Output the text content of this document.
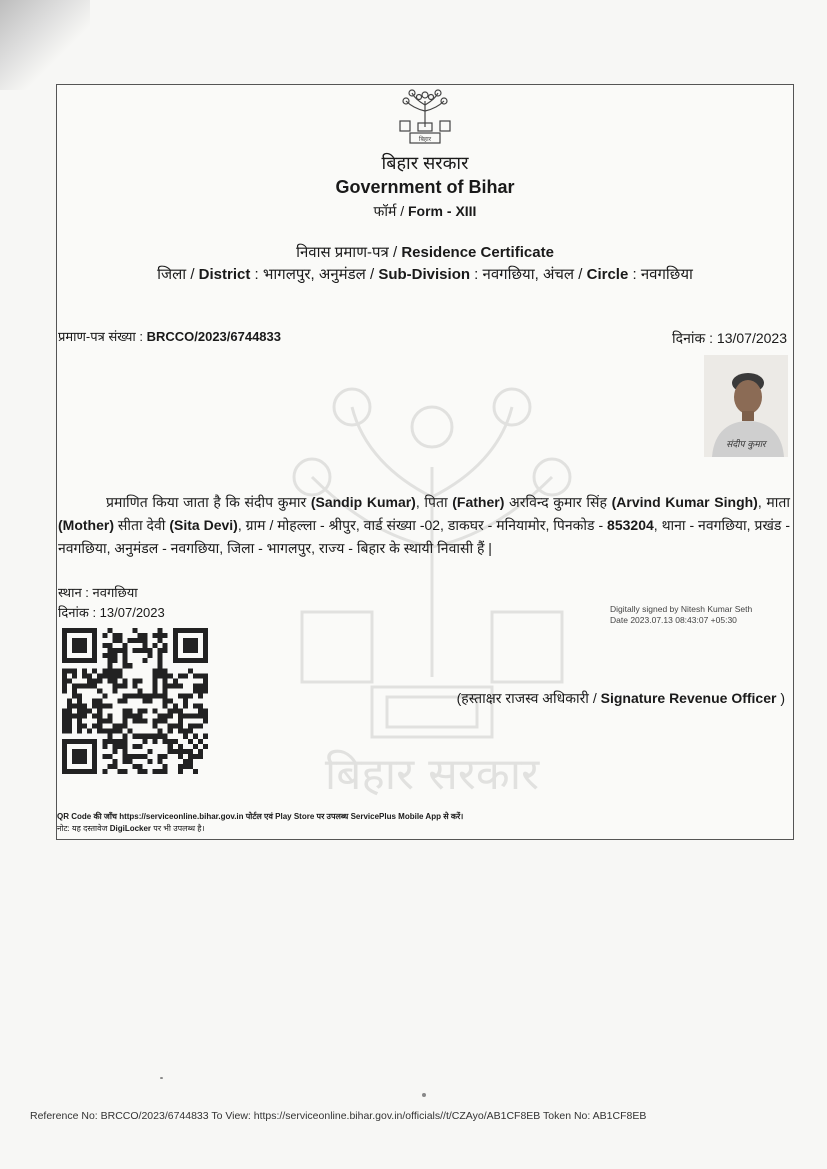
बिहार
बिहार सरकार
Government of Bihar
फॉर्म / Form - XIII
निवास प्रमाण-पत्र / Residence Certificate
जिला / District : भागलपुर, अनुमंडल / Sub-Division : नवगछिया, अंचल / Circle : नवगछिया
प्रमाण-पत्र संख्या : BRCCO/2023/6744833	दिनांक : 13/07/2023
बिहार सरकार
संदीप कुमार
प्रमाणित किया जाता है कि संदीप कुमार (Sandip Kumar), पिता (Father) अरविन्द कुमार सिंह (Arvind Kumar Singh), माता (Mother) सीता देवी (Sita Devi), ग्राम / मोहल्ला - श्रीपुर, वार्ड संख्या -02, डाकघर - मनियामोर, पिनकोड - 853204, थाना - नवगछिया, प्रखंड - नवगछिया, अनुमंडल - नवगछिया, जिला - भागलपुर, राज्य - बिहार के स्थायी निवासी हैं |
स्थान : नवगछिया
दिनांक : 13/07/2023	Digitally signed by Nitesh Kumar Seth
Date 2023.07.13 08:43:07 +05:30
(हस्ताक्षर राजस्व अधिकारी / Signature Revenue Officer )
QR Code की जाँच https://serviceonline.bihar.gov.in पोर्टल एवं Play Store पर उपलब्ध ServicePlus Mobile App से करें।
नोट: यह दस्तावेज DigiLocker पर भी उपलब्ध है।
Reference No: BRCCO/2023/6744833 To View: https://serviceonline.bihar.gov.in/officials//t/CZAyo/AB1CF8EB Token No: AB1CF8EB
